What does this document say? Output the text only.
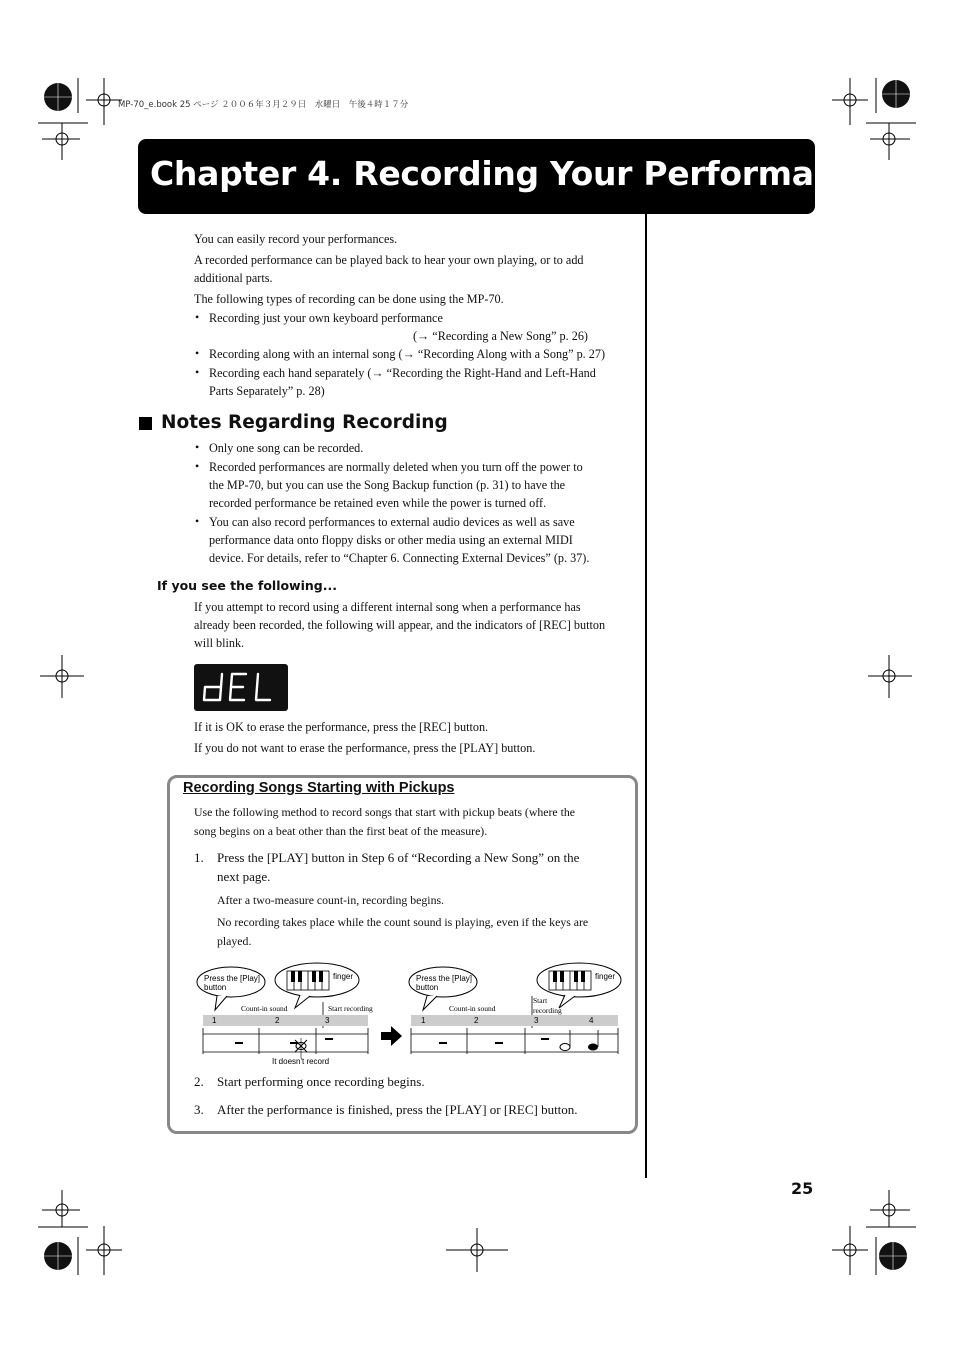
MP-70_e.book 25 ページ ２００６年３月２９日　水曜日　午後４時１７分
Chapter 4. Recording Your Performance
You can easily record your performances.
A recorded performance can be played back to hear your own playing, or to add
additional parts.
The following types of recording can be done using the MP-70.
• Recording just your own keyboard performance
(→ “Recording a New Song” p. 26)
• Recording along with an internal song (→ “Recording Along with a Song” p. 27)
• Recording each hand separately (→ “Recording the Right-Hand and Left-Hand
Parts Separately” p. 28)
Notes Regarding Recording
• Only one song can be recorded.
• Recorded performances are normally deleted when you turn off the power to
the MP-70, but you can use the Song Backup function (p. 31) to have the
recorded performance be retained even while the power is turned off.
• You can also record performances to external audio devices as well as save
performance data onto floppy disks or other media using an external MIDI
device. For details, refer to “Chapter 6. Connecting External Devices” (p. 37).
If you see the following...
If you attempt to record using a different internal song when a performance has
already been recorded, the following will appear, and the indicators of [REC] button
will blink.
If it is OK to erase the performance, press the [REC] button.
If you do not want to erase the performance, press the [PLAY] button.
Recording Songs Starting with Pickups
Use the following method to record songs that start with pickup beats (where the
song begins on a beat other than the first beat of the measure).
1. Press the [PLAY] button in Step 6 of “Recording a New Song” on the
next page.
After a two-measure count-in, recording begins.
No recording takes place while the count sound is playing, even if the keys are
played.
Press the [Play]
button
finger
Count-in sound	Start recording
1	2	3
It doesn't record
Press the [Play]
button
finger
Count-in sound
Start
recording
1	2	3	4
2. Start performing once recording begins.
3. After the performance is finished, press the [PLAY] or [REC] button.
25
